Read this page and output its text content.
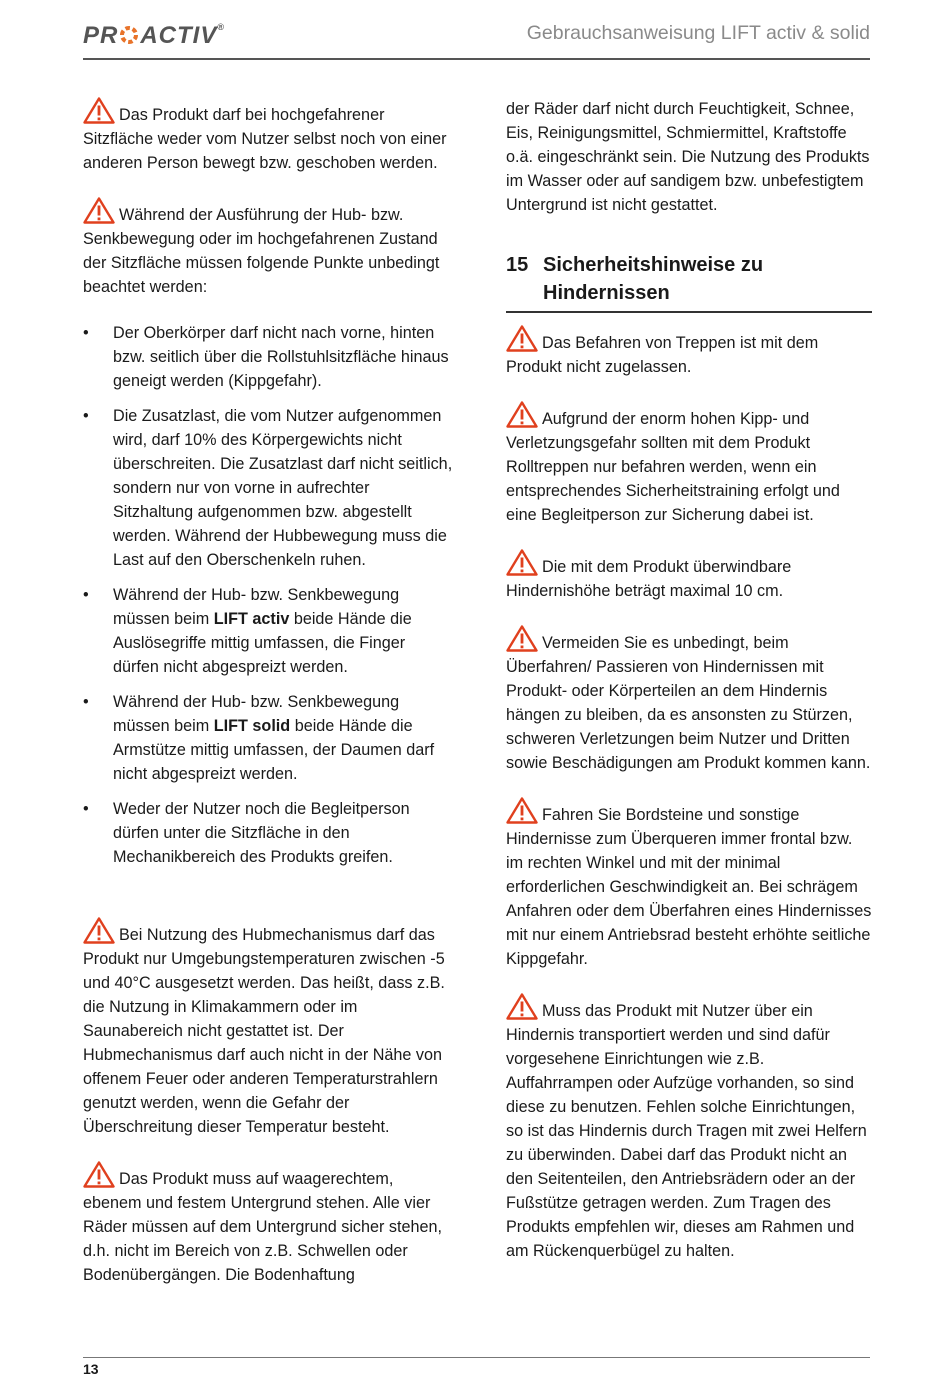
PR ACTIV®	Gebrauchsanweisung LIFT activ & solid

Das Produkt darf bei hochgefahrener Sitzfläche weder vom Nutzer selbst noch von einer anderen Person bewegt bzw. geschoben werden.

Während der Ausführung der Hub- bzw. Senkbewegung oder im hochgefahrenen Zustand der Sitzfläche müssen folgende Punkte unbedingt beachtet werden:

• Der Oberkörper darf nicht nach vorne, hinten bzw. seitlich über die Rollstuhlsitzfläche hinaus geneigt werden (Kippgefahr).
• Die Zusatzlast, die vom Nutzer aufgenommen wird, darf 10% des Körpergewichts nicht überschreiten. Die Zusatzlast darf nicht seitlich, sondern nur von vorne in aufrechter Sitzhaltung aufgenommen bzw. abgestellt werden. Während der Hubbewegung muss die Last auf den Oberschenkeln ruhen.
• Während der Hub- bzw. Senkbewegung müssen beim LIFT activ beide Hände die Auslösegriffe mittig umfassen, die Finger dürfen nicht abgespreizt werden.
• Während der Hub- bzw. Senkbewegung müssen beim LIFT solid beide Hände die Armstütze mittig umfassen, der Daumen darf nicht abgespreizt werden.
• Weder der Nutzer noch die Begleitperson dürfen unter die Sitzfläche in den Mechanikbereich des Produkts greifen.

Bei Nutzung des Hubmechanismus darf das Produkt nur Umgebungstemperaturen zwischen -5 und 40°C ausgesetzt werden. Das heißt, dass z.B. die Nutzung in Klimakammern oder im Saunabereich nicht gestattet ist. Der Hubmechanismus darf auch nicht in der Nähe von offenem Feuer oder anderen Temperaturstrahlern genutzt werden, wenn die Gefahr der Überschreitung dieser Temperatur besteht.

Das Produkt muss auf waagerechtem, ebenem und festem Untergrund stehen. Alle vier Räder müssen auf dem Untergrund sicher stehen, d.h. nicht im Bereich von z.B. Schwellen oder Bodenübergängen. Die Bodenhaftung

der Räder darf nicht durch Feuchtigkeit, Schnee, Eis, Reinigungsmittel, Schmiermittel, Kraftstoffe o.ä. eingeschränkt sein. Die Nutzung des Produkts im Wasser oder auf sandigem bzw. unbefestigtem Untergrund ist nicht gestattet.

15 Sicherheitshinweise zu Hindernissen

Das Befahren von Treppen ist mit dem Produkt nicht zugelassen.

Aufgrund der enorm hohen Kipp- und Verletzungsgefahr sollten mit dem Produkt Rolltreppen nur befahren werden, wenn ein entsprechendes Sicherheitstraining erfolgt und eine Begleitperson zur Sicherung dabei ist.

Die mit dem Produkt überwindbare Hindernishöhe beträgt maximal 10 cm.

Vermeiden Sie es unbedingt, beim Überfahren/ Passieren von Hindernissen mit Produkt- oder Körperteilen an dem Hindernis hängen zu bleiben, da es ansonsten zu Stürzen, schweren Verletzungen beim Nutzer und Dritten sowie Beschädigungen am Produkt kommen kann.

Fahren Sie Bordsteine und sonstige Hindernisse zum Überqueren immer frontal bzw. im rechten Winkel und mit der minimal erforderlichen Geschwindigkeit an. Bei schrägem Anfahren oder dem Überfahren eines Hindernisses mit nur einem Antriebsrad besteht erhöhte seitliche Kippgefahr.

Muss das Produkt mit Nutzer über ein Hindernis transportiert werden und sind dafür vorgesehene Einrichtungen wie z.B. Auffahrrampen oder Aufzüge vorhanden, so sind diese zu benutzen. Fehlen solche Einrichtungen, so ist das Hindernis durch Tragen mit zwei Helfern zu überwinden. Dabei darf das Produkt nicht an den Seitenteilen, den Antriebsrädern oder an der Fußstütze getragen werden. Zum Tragen des Produkts empfehlen wir, dieses am Rahmen und am Rückenquerbügel zu halten.

13
